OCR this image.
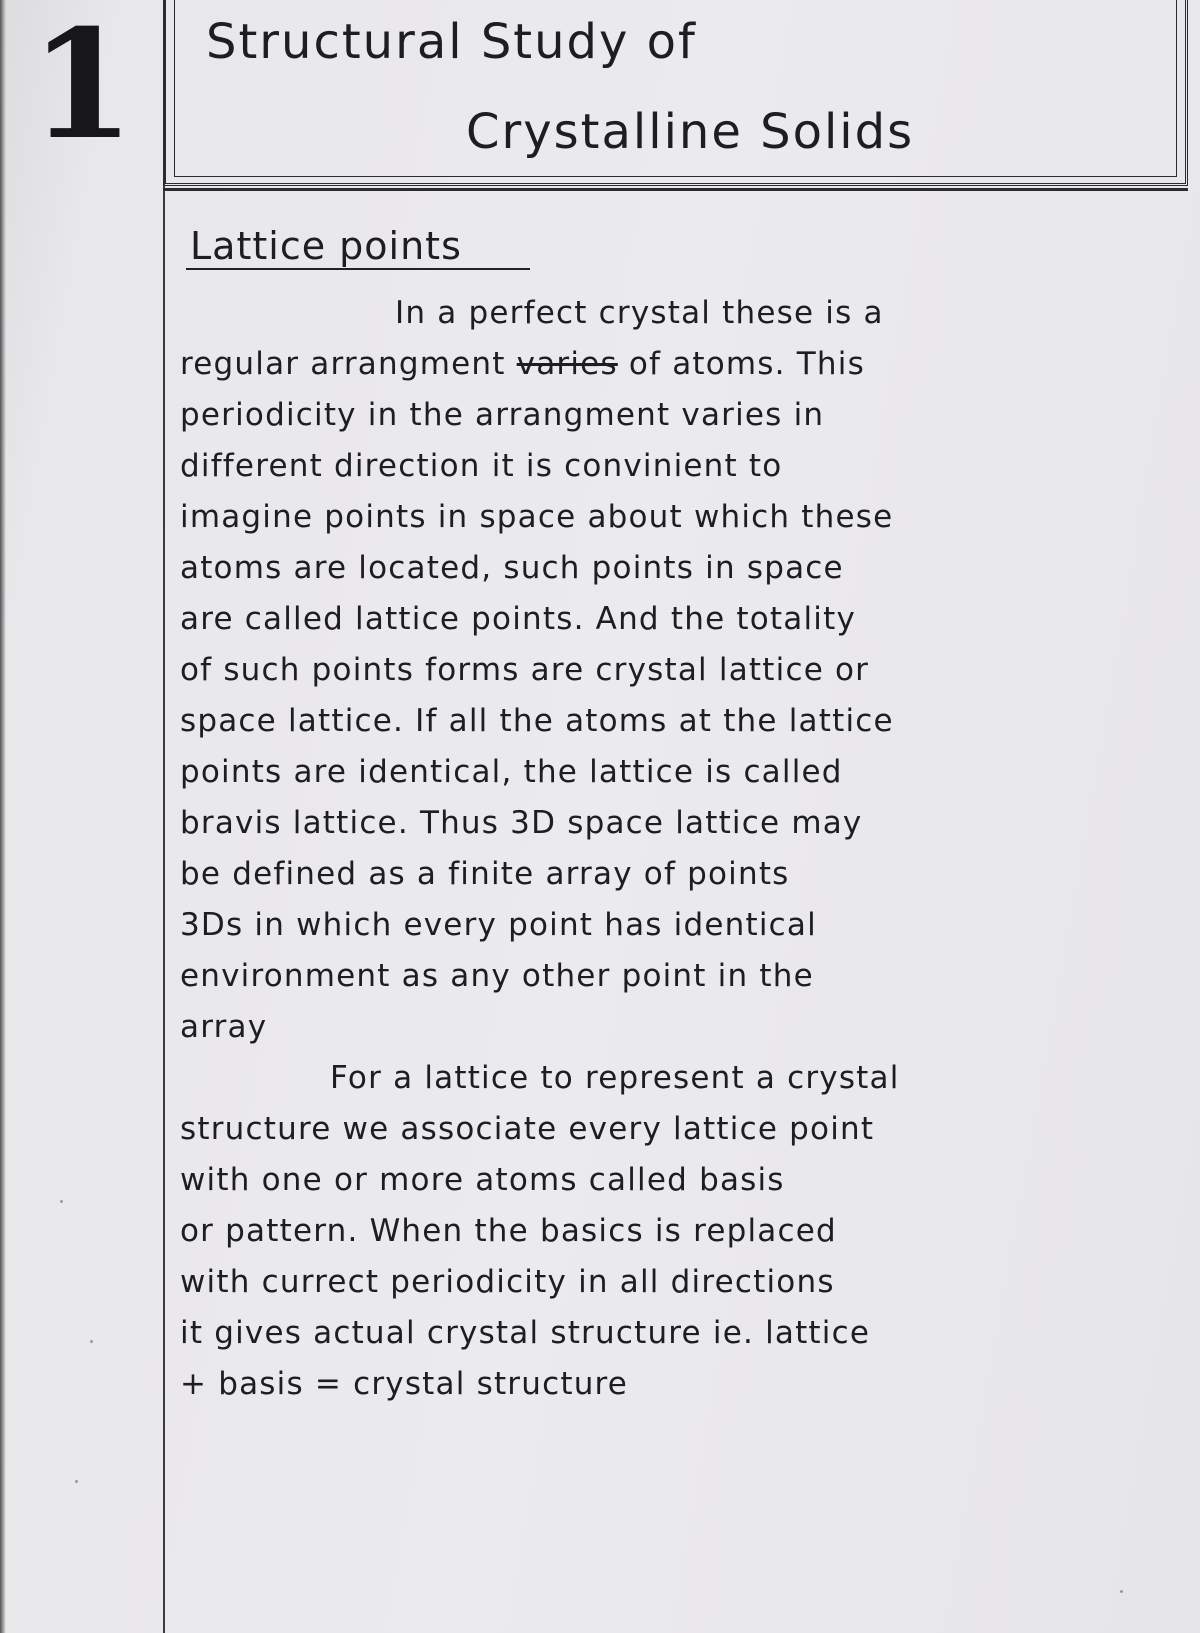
1 Structural Study of
Crystalline Solids
Lattice points
In a perfect crystal these is a
regular arrangment varies of atoms. This
periodicity in the arrangment varies in
different direction it is convinient to
imagine points in space about which these
atoms are located, such points in space
are called lattice points. And the totality
of such points forms are crystal lattice or
space lattice. If all the atoms at the lattice
points are identical, the lattice is called
bravis lattice. Thus 3D space lattice may
be defined as a finite array of points
3Ds in which every point has identical
environment as any other point in the
array
For a lattice to represent a crystal
structure we associate every lattice point
with one or more atoms called basis
or pattern. When the basics is replaced
with currect periodicity in all directions
it gives actual crystal structure ie. lattice
+ basis = crystal structure
